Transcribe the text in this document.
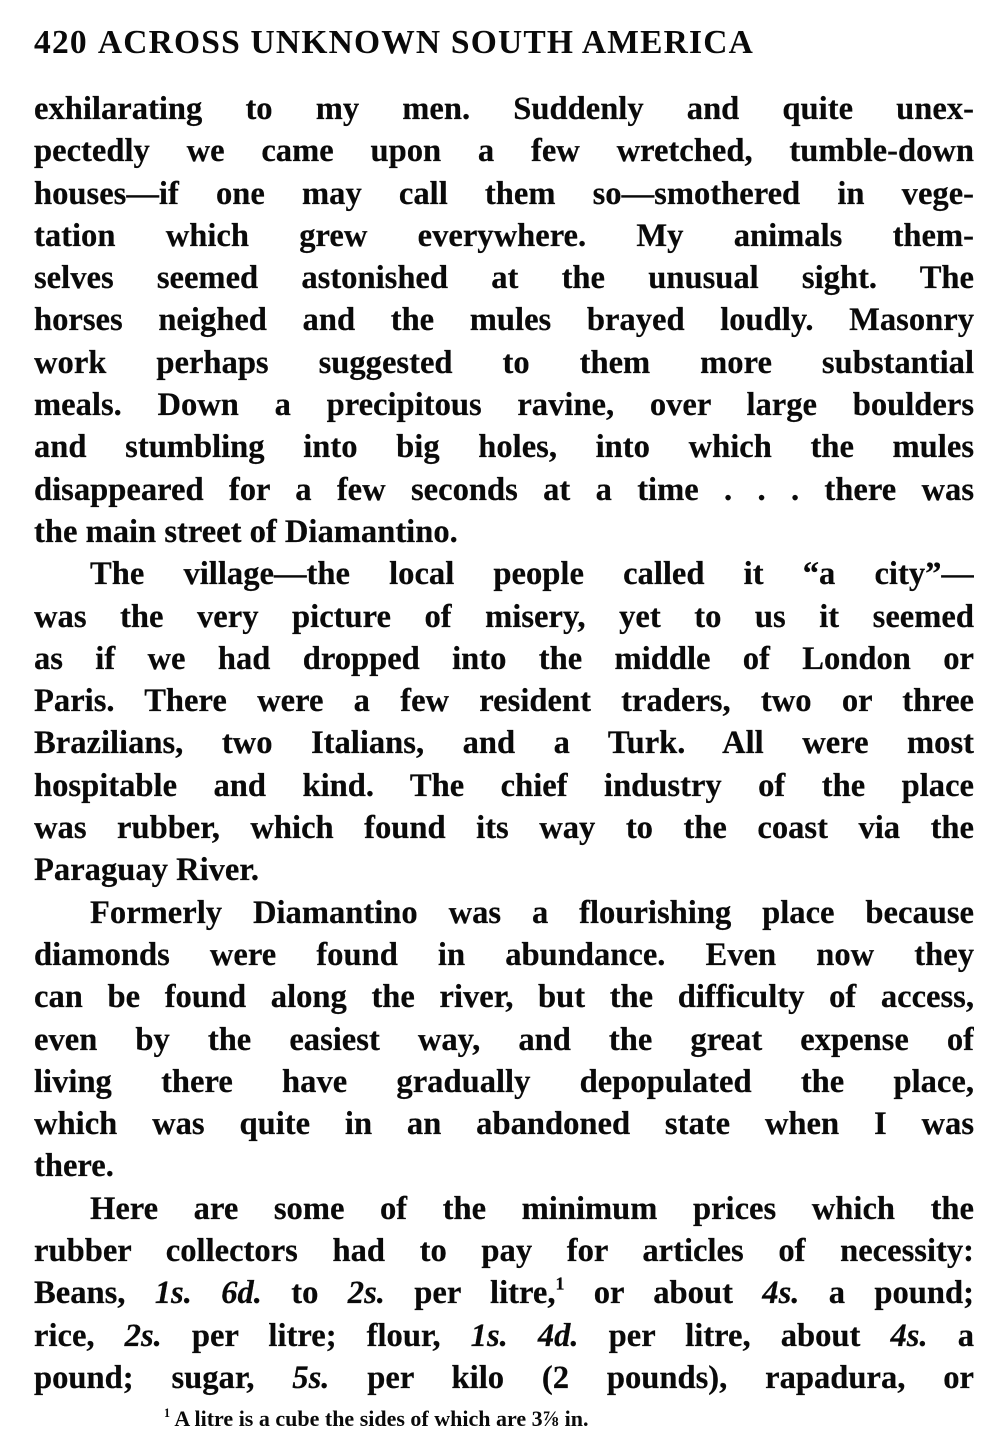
420 ACROSS UNKNOWN SOUTH AMERICA
exhilarating to my men. Suddenly and quite unex-
pectedly we came upon a few wretched, tumble-down
houses—if one may call them so—smothered in vege-
tation which grew everywhere. My animals them-
selves seemed astonished at the unusual sight. The
horses neighed and the mules brayed loudly. Masonry
work perhaps suggested to them more substantial
meals. Down a precipitous ravine, over large boulders
and stumbling into big holes, into which the mules
disappeared for a few seconds at a time . . . there was
the main street of Diamantino.
The village—the local people called it “a city”—
was the very picture of misery, yet to us it seemed
as if we had dropped into the middle of London or
Paris. There were a few resident traders, two or three
Brazilians, two Italians, and a Turk. All were most
hospitable and kind. The chief industry of the place
was rubber, which found its way to the coast via the
Paraguay River.
Formerly Diamantino was a flourishing place because
diamonds were found in abundance. Even now they
can be found along the river, but the difficulty of access,
even by the easiest way, and the great expense of
living there have gradually depopulated the place,
which was quite in an abandoned state when I was
there.
Here are some of the minimum prices which the
rubber collectors had to pay for articles of necessity:
Beans, 1s. 6d. to 2s. per litre,$^1$ or about 4s. a pound;
rice, 2s. per litre; flour, 1s. 4d. per litre, about 4s. a
pound; sugar, 5s. per kilo (2 pounds), rapadura, or
$^1$ A litre is a cube the sides of which are 3⅞ in.
